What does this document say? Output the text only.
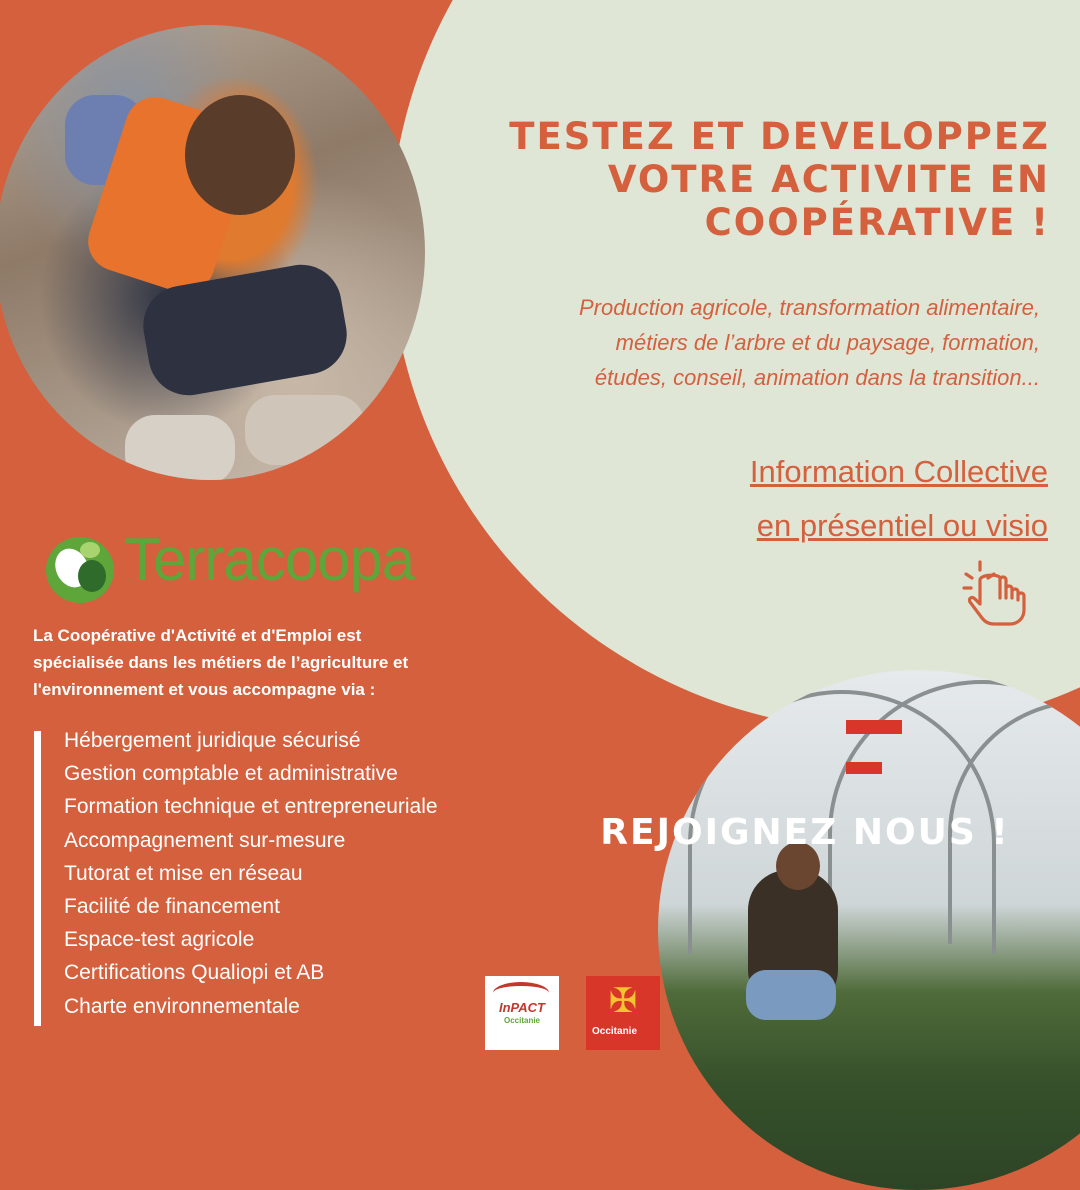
TESTEZ ET DEVELOPPEZ
VOTRE ACTIVITE EN
COOPÉRATIVE !

Production agricole, transformation alimentaire,
métiers de l’arbre et du paysage, formation,
études, conseil, animation dans la transition...

Information Collective
en présentiel ou visio

Terracoopa

La Coopérative d'Activité et d'Emploi est
spécialisée dans les métiers de l’agriculture et
l'environnement et vous accompagne via :

Hébergement juridique sécurisé
Gestion comptable et administrative
Formation technique et entrepreneuriale
Accompagnement sur-mesure
Tutorat et mise en réseau
Facilité de financement
Espace-test agricole
Certifications Qualiopi et AB
Charte environnementale

REJOIGNEZ NOUS !

InPACT
Occitanie
✠
Occitanie
